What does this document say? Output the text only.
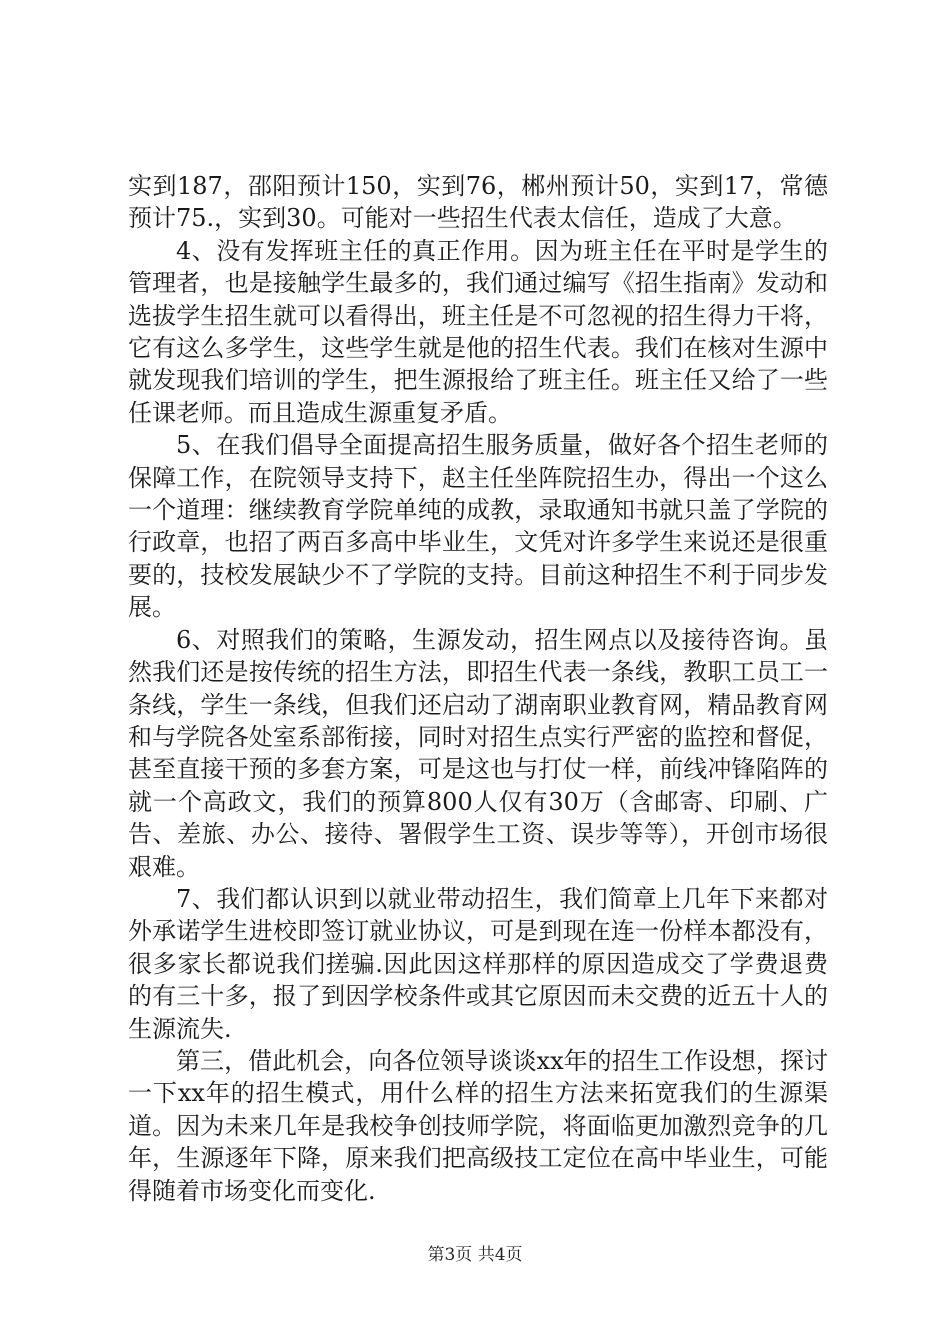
实到187，邵阳预计150，实到76，郴州预计50，实到17，常德预计75.，实到30。可能对一些招生代表太信任，造成了大意。

4、没有发挥班主任的真正作用。因为班主任在平时是学生的管理者，也是接触学生最多的，我们通过编写《招生指南》发动和选拔学生招生就可以看得出，班主任是不可忽视的招生得力干将，它有这么多学生，这些学生就是他的招生代表。我们在核对生源中就发现我们培训的学生，把生源报给了班主任。班主任又给了一些任课老师。而且造成生源重复矛盾。

5、在我们倡导全面提高招生服务质量，做好各个招生老师的保障工作，在院领导支持下，赵主任坐阵院招生办，得出一个这么一个道理：继续教育学院单纯的成教，录取通知书就只盖了学院的行政章，也招了两百多高中毕业生，文凭对许多学生来说还是很重要的，技校发展缺少不了学院的支持。目前这种招生不利于同步发展。

6、对照我们的策略，生源发动，招生网点以及接待咨询。虽然我们还是按传统的招生方法，即招生代表一条线，教职工员工一条线，学生一条线，但我们还启动了湖南职业教育网，精品教育网和与学院各处室系部衔接，同时对招生点实行严密的监控和督促，甚至直接干预的多套方案，可是这也与打仗一样，前线冲锋陷阵的就一个高政文，我们的预算800人仅有30万（含邮寄、印刷、广告、差旅、办公、接待、署假学生工资、误步等等），开创市场很艰难。

7、我们都认识到以就业带动招生，我们简章上几年下来都对外承诺学生进校即签订就业协议，可是到现在连一份样本都没有，很多家长都说我们搓骗.因此因这样那样的原因造成交了学费退费的有三十多，报了到因学校条件或其它原因而未交费的近五十人的生源流失.

第三，借此机会，向各位领导谈谈xx年的招生工作设想，探讨一下xx年的招生模式，用什么样的招生方法来拓宽我们的生源渠道。因为未来几年是我校争创技师学院，将面临更加激烈竞争的几年，生源逐年下降，原来我们把高级技工定位在高中毕业生，可能得随着市场变化而变化.

第3页 共4页
